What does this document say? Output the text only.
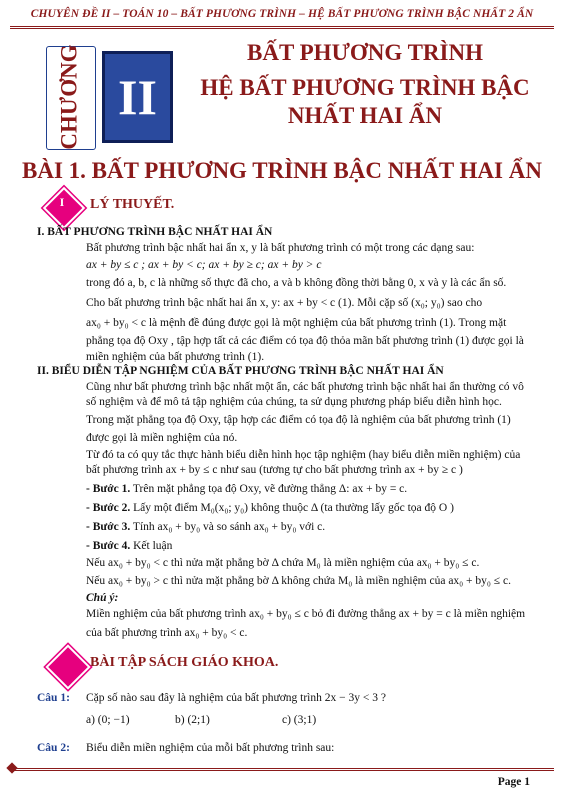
CHUYÊN ĐỀ II – TOÁN 10 – BẤT PHƯƠNG TRÌNH – HỆ BẤT PHƯƠNG TRÌNH BẬC NHẤT 2 ẨN
CHƯƠNG II
BẤT PHƯƠNG TRÌNH
HỆ BẤT PHƯƠNG TRÌNH BẬC
NHẤT HAI ẨN
BÀI 1. BẤT PHƯƠNG TRÌNH BẬC NHẤT HAI ẨN
I	LÝ THUYẾT.
I. BẤT PHƯƠNG TRÌNH BẬC NHẤT HAI ẨN
Bất phương trình bậc nhất hai ẩn x, y là bất phương trình có một trong các dạng sau:
ax + by ≤ c ; ax + by < c; ax + by ≥ c; ax + by > c
trong đó a, b, c là những số thực đã cho, a và b không đồng thời bằng 0, x và y là các ẩn số.
Cho bất phương trình bậc nhất hai ẩn x, y: ax + by < c (1). Mỗi cặp số (x₀; y₀) sao cho
ax₀ + by₀ < c là mệnh đề đúng được gọi là một nghiệm của bất phương trình (1). Trong mặt
phẳng tọa độ Oxy , tập hợp tất cả các điểm có tọa độ thỏa mãn bất phương trình (1) được gọi là
miền nghiệm của bất phương trình (1).
II. BIỂU DIỄN TẬP NGHIỆM CỦA BẤT PHƯƠNG TRÌNH BẬC NHẤT HAI ẨN
Cũng như bất phương trình bậc nhất một ẩn, các bất phương trình bậc nhất hai ẩn thường có vô
số nghiệm và để mô tả tập nghiệm của chúng, ta sử dụng phương pháp biểu diễn hình học.
Trong mặt phẳng tọa độ Oxy, tập hợp các điểm có tọa độ là nghiệm của bất phương trình (1)
được gọi là miền nghiệm của nó.
Từ đó ta có quy tắc thực hành biểu diễn hình học tập nghiệm (hay biểu diễn miền nghiệm) của
bất phương trình ax + by ≤ c như sau (tương tự cho bất phương trình ax + by ≥ c )
- Bước 1. Trên mặt phẳng tọa độ Oxy, vẽ đường thẳng Δ: ax + by = c.
- Bước 2. Lấy một điểm M₀(x₀; y₀) không thuộc Δ (ta thường lấy gốc tọa độ O )
- Bước 3. Tính ax₀ + by₀ và so sánh ax₀ + by₀ với c.
- Bước 4. Kết luận
Nếu ax₀ + by₀ < c thì nửa mặt phẳng bờ Δ chứa M₀ là miền nghiệm của ax₀ + by₀ ≤ c.
Nếu ax₀ + by₀ > c thì nửa mặt phẳng bờ Δ không chứa M₀ là miền nghiệm của ax₀ + by₀ ≤ c.
Chú ý:
Miền nghiệm của bất phương trình ax₀ + by₀ ≤ c bỏ đi đường thẳng ax + by = c là miền nghiệm
của bất phương trình ax₀ + by₀ < c.
BÀI TẬP SÁCH GIÁO KHOA.
Câu 1: Cặp số nào sau đây là nghiệm của bất phương trình 2x − 3y < 3 ?
a) (0; −1)	b) (2;1)	c) (3;1)
Câu 2: Biểu diễn miền nghiệm của mỗi bất phương trình sau:
Page 1
